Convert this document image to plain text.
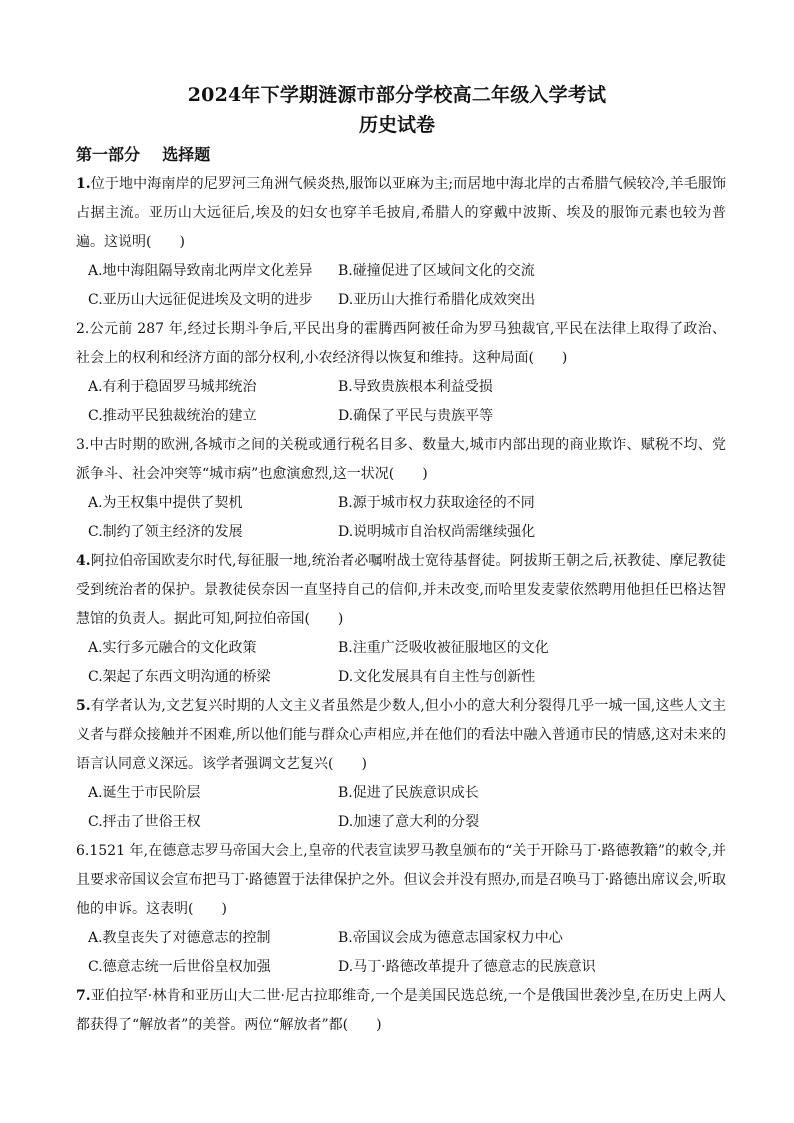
2024年下学期涟源市部分学校高二年级入学考试
历史试卷
第一部分    选择题
1.位于地中海南岸的尼罗河三角洲气候炎热,服饰以亚麻为主;而居地中海北岸的古希腊气候较冷,羊毛服饰占据主流。亚历山大远征后,埃及的妇女也穿羊毛披肩,希腊人的穿戴中波斯、埃及的服饰元素也较为普遍。这说明(　　)
A.地中海阻隔导致南北两岸文化差异	B.碰撞促进了区域间文化的交流
C.亚历山大远征促进埃及文明的进步	D.亚历山大推行希腊化成效突出
2.公元前 287 年,经过长期斗争后,平民出身的霍腾西阿被任命为罗马独裁官,平民在法律上取得了政治、社会上的权利和经济方面的部分权利,小农经济得以恢复和维持。这种局面(　　)
A.有利于稳固罗马城邦统治	B.导致贵族根本利益受损
C.推动平民独裁统治的建立	D.确保了平民与贵族平等
3.中古时期的欧洲,各城市之间的关税或通行税名目多、数量大,城市内部出现的商业欺诈、赋税不均、党派争斗、社会冲突等“城市病”也愈演愈烈,这一状况(　　)
A.为王权集中提供了契机	B.源于城市权力获取途径的不同
C.制约了领主经济的发展	D.说明城市自治权尚需继续强化
4.阿拉伯帝国欧麦尔时代,每征服一地,统治者必嘱咐战士宽待基督徒。阿拔斯王朝之后,祆教徒、摩尼教徒受到统治者的保护。景教徒侯奈因一直坚持自己的信仰,并未改变,而哈里发麦蒙依然聘用他担任巴格达智慧馆的负责人。据此可知,阿拉伯帝国(　　)
A.实行多元融合的文化政策	B.注重广泛吸收被征服地区的文化
C.架起了东西文明沟通的桥梁	D.文化发展具有自主性与创新性
5.有学者认为,文艺复兴时期的人文主义者虽然是少数人,但小小的意大利分裂得几乎一城一国,这些人文主义者与群众接触并不困难,所以他们能与群众心声相应,并在他们的看法中融入普通市民的情感,这对未来的语言认同意义深远。该学者强调文艺复兴(　　)
A.诞生于市民阶层	B.促进了民族意识成长
C.抨击了世俗王权	D.加速了意大利的分裂
6.1521 年,在德意志罗马帝国大会上,皇帝的代表宣读罗马教皇颁布的“关于开除马丁·路德教籍”的敕令,并且要求帝国议会宣布把马丁·路德置于法律保护之外。但议会并没有照办,而是召唤马丁·路德出席议会,听取他的申诉。这表明(　　)
A.教皇丧失了对德意志的控制	B.帝国议会成为德意志国家权力中心
C.德意志统一后世俗皇权加强	D.马丁·路德改革提升了德意志的民族意识
7.亚伯拉罕·林肯和亚历山大二世·尼古拉耶维奇,一个是美国民选总统,一个是俄国世袭沙皇,在历史上两人都获得了“解放者”的美誉。两位“解放者”都(　　)
